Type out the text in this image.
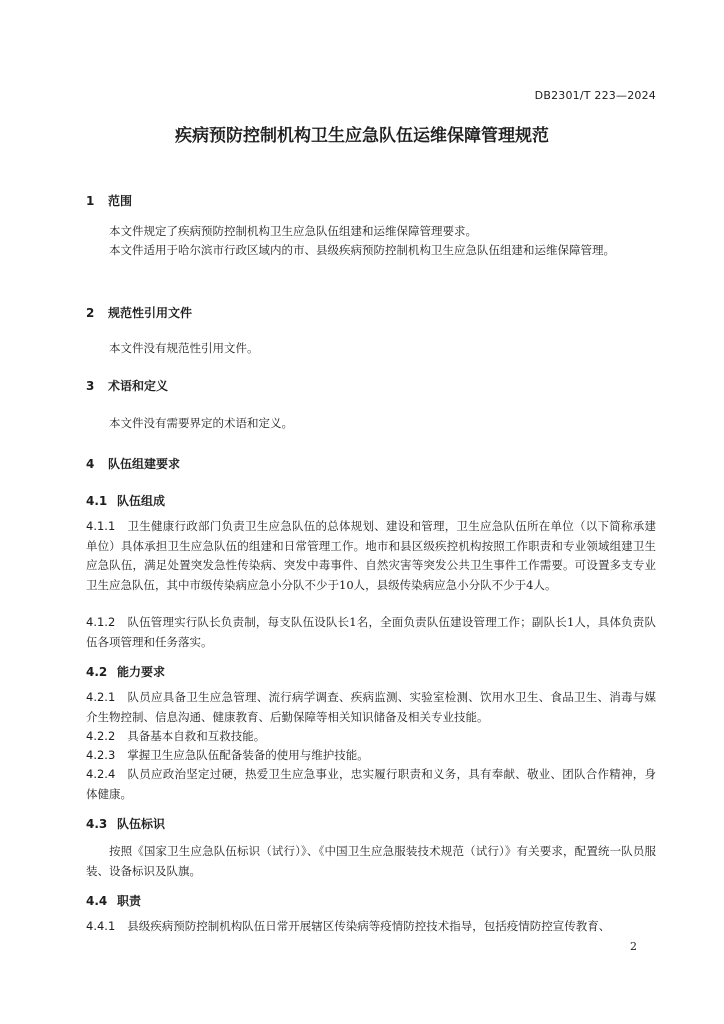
DB2301/T 223—2024
疾病预防控制机构卫生应急队伍运维保障管理规范
1 范围
本文件规定了疾病预防控制机构卫生应急队伍组建和运维保障管理要求。
本文件适用于哈尔滨市行政区域内的市、县级疾病预防控制机构卫生应急队伍组建和运维保障管理。
2 规范性引用文件
本文件没有规范性引用文件。
3 术语和定义
本文件没有需要界定的术语和定义。
4 队伍组建要求
4.1 队伍组成
4.1.1 卫生健康行政部门负责卫生应急队伍的总体规划、建设和管理，卫生应急队伍所在单位（以下简称承建单位）具体承担卫生应急队伍的组建和日常管理工作。地市和县区级疾控机构按照工作职责和专业领域组建卫生应急队伍，满足处置突发急性传染病、突发中毒事件、自然灾害等突发公共卫生事件工作需要。可设置多支专业卫生应急队伍，其中市级传染病应急小分队不少于10人，县级传染病应急小分队不少于4人。
4.1.2 队伍管理实行队长负责制，每支队伍设队长1名，全面负责队伍建设管理工作；副队长1人，具体负责队伍各项管理和任务落实。
4.2 能力要求
4.2.1 队员应具备卫生应急管理、流行病学调查、疾病监测、实验室检测、饮用水卫生、食品卫生、消毒与媒介生物控制、信息沟通、健康教育、后勤保障等相关知识储备及相关专业技能。
4.2.2 具备基本自救和互救技能。
4.2.3 掌握卫生应急队伍配备装备的使用与维护技能。
4.2.4 队员应政治坚定过硬，热爱卫生应急事业，忠实履行职责和义务，具有奉献、敬业、团队合作精神，身体健康。
4.3 队伍标识
按照《国家卫生应急队伍标识（试行）》、《中国卫生应急服装技术规范（试行）》有关要求，配置统一队员服装、设备标识及队旗。
4.4 职责
4.4.1 县级疾病预防控制机构队伍日常开展辖区传染病等疫情防控技术指导，包括疫情防控宣传教育、
2
